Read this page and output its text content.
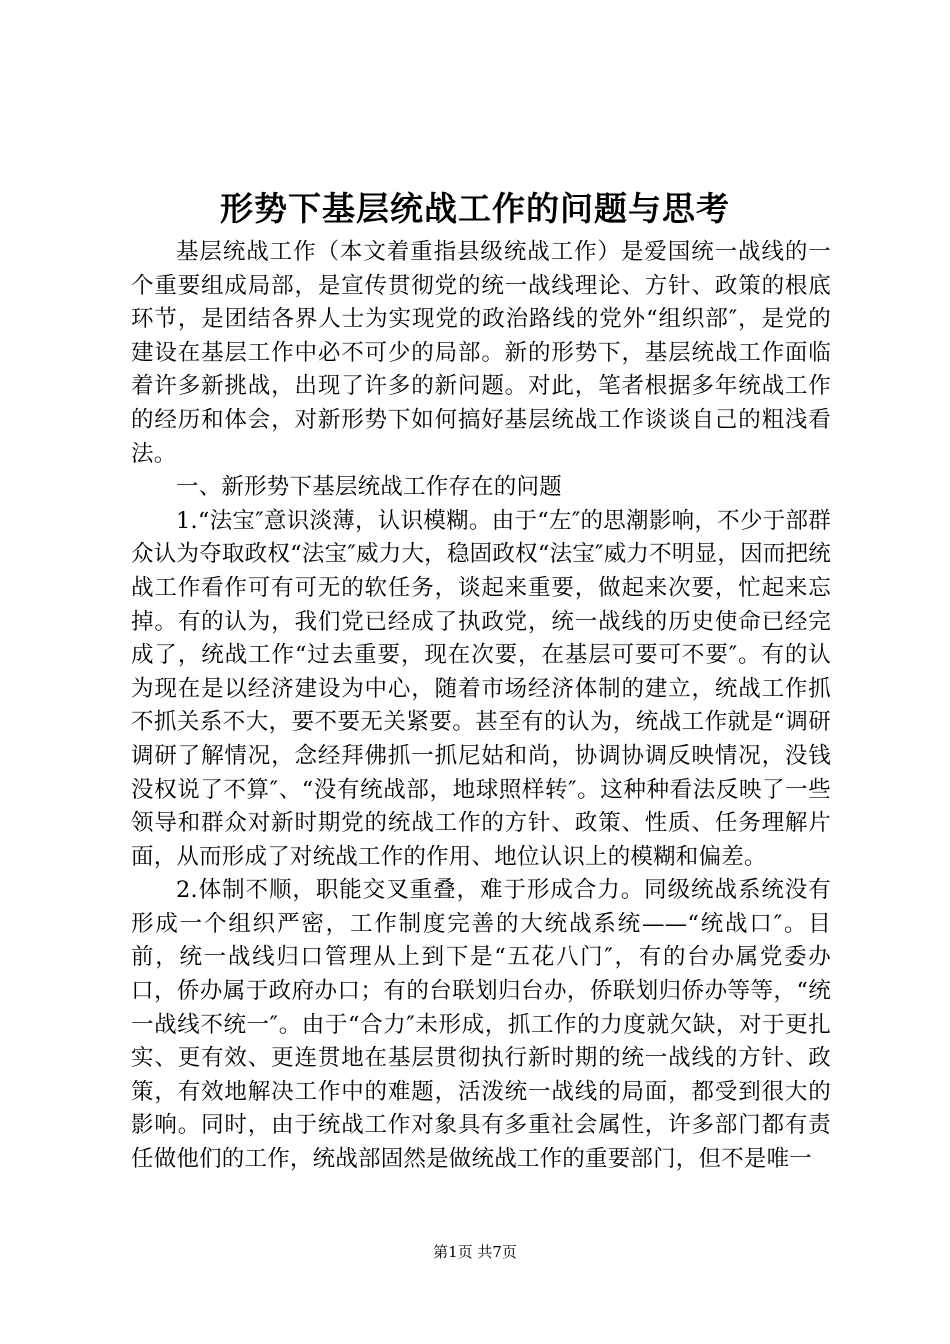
形势下基层统战工作的问题与思考

基层统战工作（本文着重指县级统战工作）是爱国统一战线的一个重要组成局部，是宣传贯彻党的统一战线理论、方针、政策的根底环节，是团结各界人士为实现党的政治路线的党外“组织部″，是党的建设在基层工作中必不可少的局部。新的形势下，基层统战工作面临着许多新挑战，出现了许多的新问题。对此，笔者根据多年统战工作的经历和体会，对新形势下如何搞好基层统战工作谈谈自己的粗浅看法。

一、新形势下基层统战工作存在的问题

1.“法宝″意识淡薄，认识模糊。由于“左″的思潮影响，不少于部群众认为夺取政权“法宝″威力大，稳固政权“法宝″威力不明显，因而把统战工作看作可有可无的软任务，谈起来重要，做起来次要，忙起来忘掉。有的认为，我们党已经成了执政党，统一战线的历史使命已经完成了，统战工作“过去重要，现在次要，在基层可要可不要″。有的认为现在是以经济建设为中心，随着市场经济体制的建立，统战工作抓不抓关系不大，要不要无关紧要。甚至有的认为，统战工作就是“调研调研了解情况，念经拜佛抓一抓尼姑和尚，协调协调反映情况，没钱没权说了不算″、“没有统战部，地球照样转″。这种种看法反映了一些领导和群众对新时期党的统战工作的方针、政策、性质、任务理解片面，从而形成了对统战工作的作用、地位认识上的模糊和偏差。

2.体制不顺，职能交叉重叠，难于形成合力。同级统战系统没有形成一个组织严密，工作制度完善的大统战系统——“统战口″。目前，统一战线归口管理从上到下是“五花八门″，有的台办属党委办口，侨办属于政府办口；有的台联划归台办，侨联划归侨办等等，“统一战线不统一″。由于“合力″未形成，抓工作的力度就欠缺，对于更扎实、更有效、更连贯地在基层贯彻执行新时期的统一战线的方针、政策，有效地解决工作中的难题，活泼统一战线的局面，都受到很大的影响。同时，由于统战工作对象具有多重社会属性，许多部门都有责任做他们的工作，统战部固然是做统战工作的重要部门，但不是唯一

第1页 共7页
